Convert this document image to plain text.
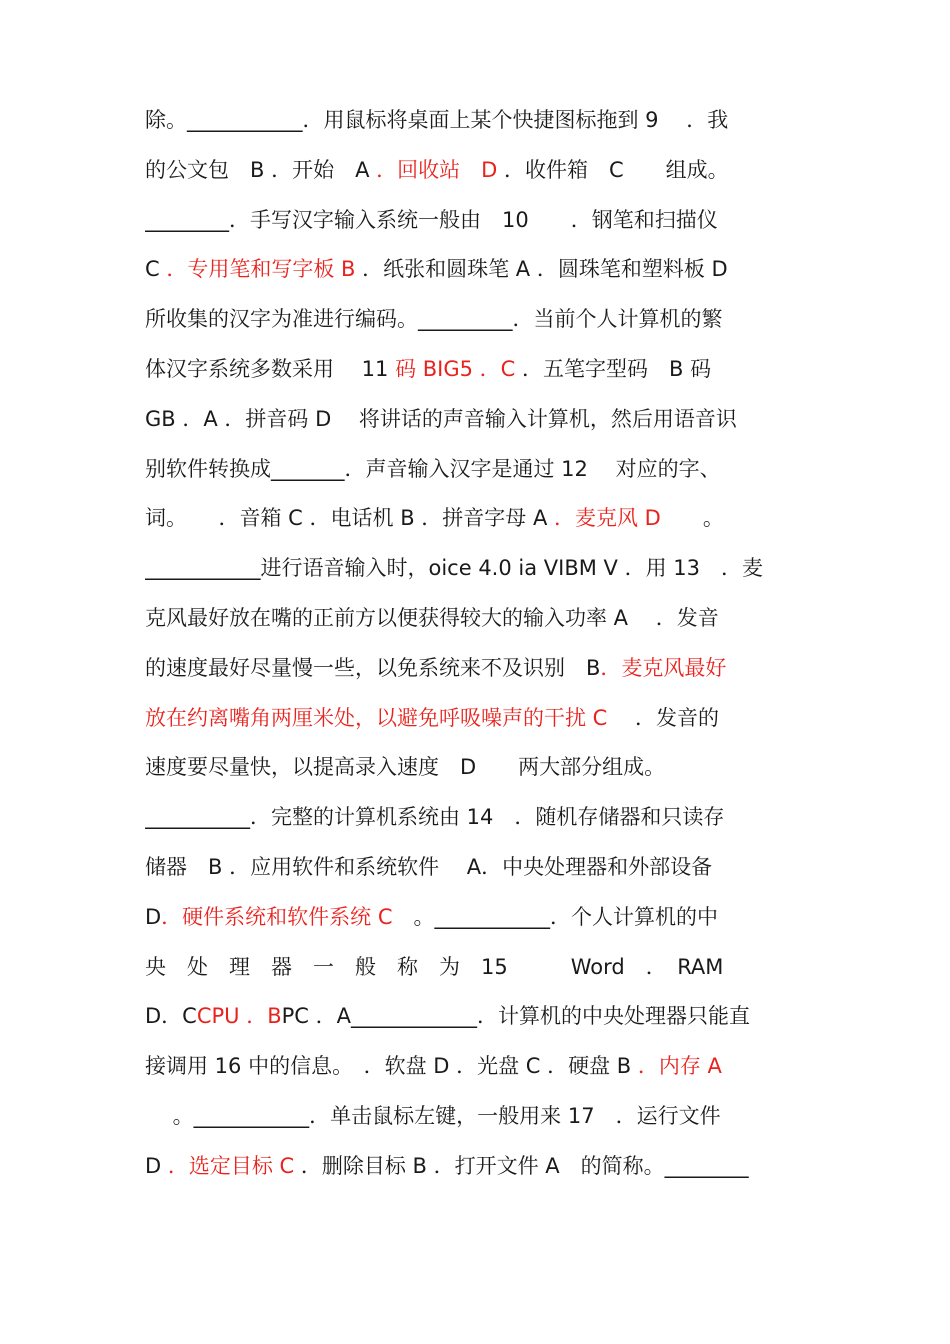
除。___________．用鼠标将桌面上某个快捷图标拖到 9　 ．我
的公文包　B ．开始　A ．回收站　D ．收件箱　C　　组成。
________．手写汉字输入系统一般由　10　　．钢笔和扫描仪
C ．专用笔和写字板 B ．纸张和圆珠笔 A ．圆珠笔和塑料板 D
所收集的汉字为准进行编码。_________．当前个人计算机的繁
体汉字系统多数采用　 11 码 BIG5 ．C ．五笔字型码　B 码
GB ．A ．拼音码 D　 将讲话的声音输入计算机，然后用语音识
别软件转换成_______．声音输入汉字是通过 12　 对应的字、
词。　　．音箱 C ．电话机 B ．拼音字母 A ．麦克风 D　　。
___________进行语音输入时，oice 4.0 ia VIBM V ．用 13　．麦
克风最好放在嘴的正前方以便获得较大的输入功率 A　 ．发音
的速度最好尽量慢一些，以免系统来不及识别　B．麦克风最好
放在约离嘴角两厘米处，以避免呼吸噪声的干扰 C　 ．发音的
速度要尽量快，以提高录入速度　D　　两大部分组成。
__________．完整的计算机系统由 14　．随机存储器和只读存
储器　B ．应用软件和系统软件　 A．中央处理器和外部设备
D．硬件系统和软件系统 C　。___________．个人计算机的中
央　处　理　器　一　般　称　为　15　　　Word　．　RAM
D．CCPU ．BPC ．A____________．计算机的中央处理器只能直
接调用 16 中的信息。　．软盘 D ．光盘 C ．硬盘 B ．内存 A
　 。___________．单击鼠标左键，一般用来 17　．运行文件
D ．选定目标 C ．删除目标 B ．打开文件 A　的简称。________
